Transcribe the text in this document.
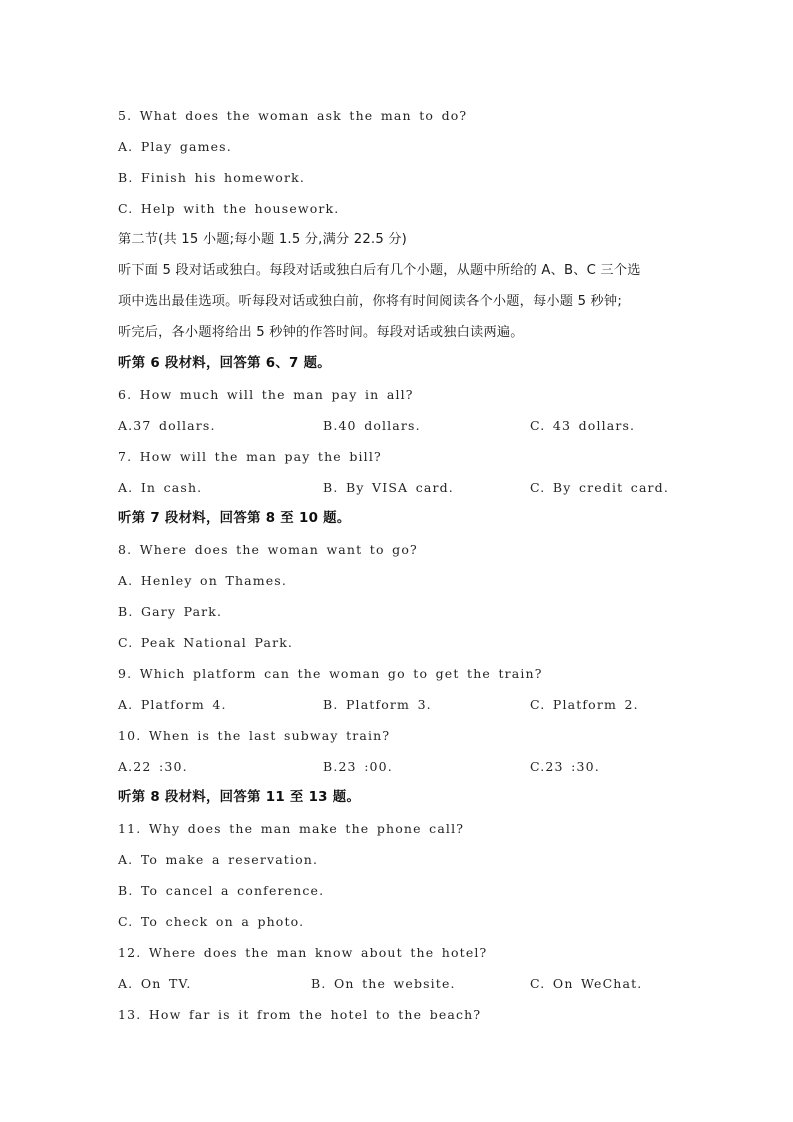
5. What does the woman ask the man to do?
A. Play games.
B. Finish his homework.
C. Help with the housework.
第二节(共 15 小题;每小题 1.5 分,满分 22.5 分)
听下面 5 段对话或独白。每段对话或独白后有几个小题，从题中所给的 A、B、C 三个选
项中选出最佳选项。听每段对话或独白前，你将有时间阅读各个小题，每小题 5 秒钟;
听完后，各小题将给出 5 秒钟的作答时间。每段对话或独白读两遍。
听第 6 段材料，回答第 6、7 题。
6. How much will the man pay in all?
A.37 dollars.	B.40 dollars.	C. 43 dollars.
7. How will the man pay the bill?
A. In cash.	B. By VISA card.	C. By credit card.
听第 7 段材料，回答第 8 至 10 题。
8. Where does the woman want to go?
A. Henley on Thames.
B. Gary Park.
C. Peak National Park.
9. Which platform can the woman go to get the train?
A. Platform 4.	B. Platform 3.	C. Platform 2.
10. When is the last subway train?
A.22 :30.	B.23 :00.	C.23 :30.
听第 8 段材料，回答第 11 至 13 题。
11. Why does the man make the phone call?
A. To make a reservation.
B. To cancel a conference.
C. To check on a photo.
12. Where does the man know about the hotel?
A. On TV.	B. On the website.	C. On WeChat.
13. How far is it from the hotel to the beach?
